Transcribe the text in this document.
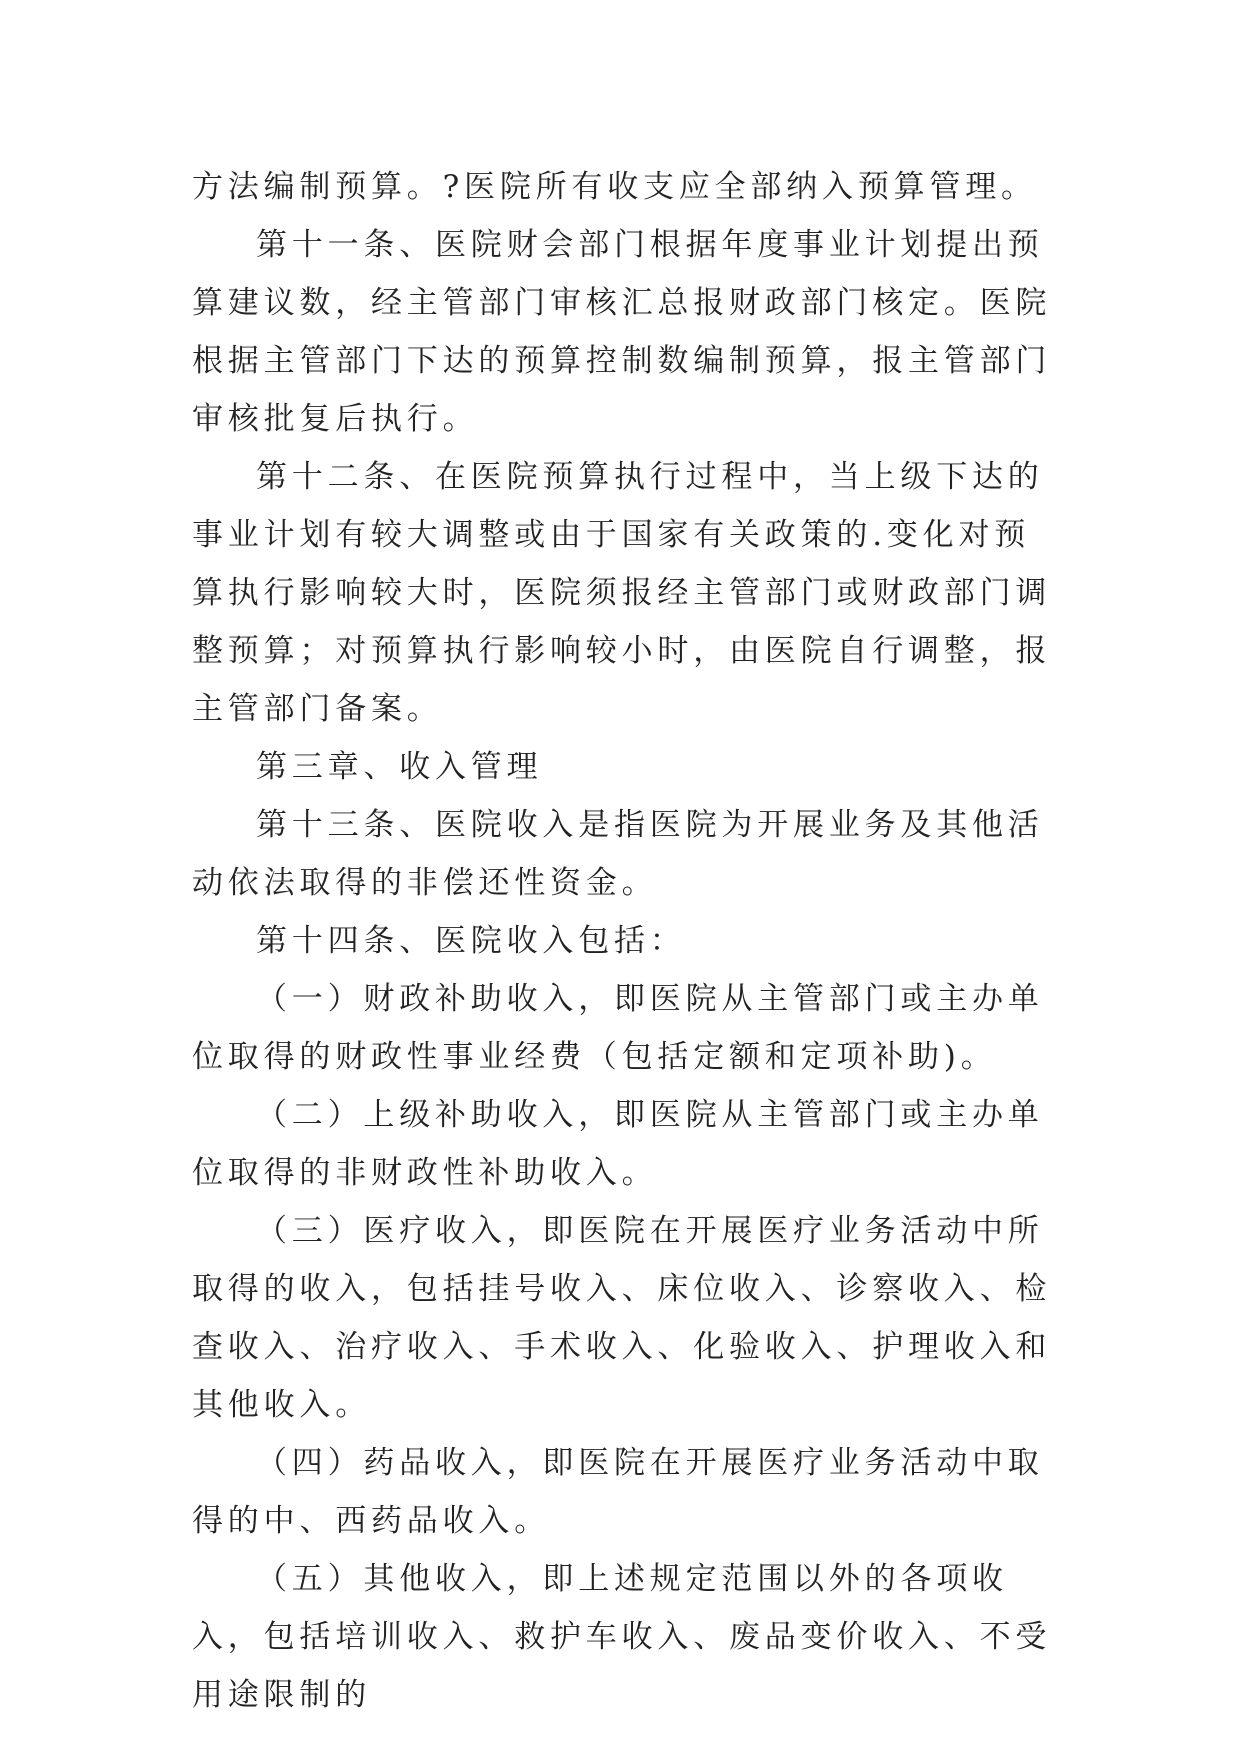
方法编制预算。?医院所有收支应全部纳入预算管理。

第十一条、医院财会部门根据年度事业计划提出预算建议数，经主管部门审核汇总报财政部门核定。医院根据主管部门下达的预算控制数编制预算，报主管部门审核批复后执行。

第十二条、在医院预算执行过程中，当上级下达的事业计划有较大调整或由于国家有关政策的.变化对预算执行影响较大时，医院须报经主管部门或财政部门调整预算；对预算执行影响较小时，由医院自行调整，报主管部门备案。

第三章、收入管理

第十三条、医院收入是指医院为开展业务及其他活动依法取得的非偿还性资金。

第十四条、医院收入包括：

（一）财政补助收入，即医院从主管部门或主办单位取得的财政性事业经费（包括定额和定项补助)。

（二）上级补助收入，即医院从主管部门或主办单位取得的非财政性补助收入。

（三）医疗收入，即医院在开展医疗业务活动中所取得的收入，包括挂号收入、床位收入、诊察收入、检查收入、治疗收入、手术收入、化验收入、护理收入和其他收入。

（四）药品收入，即医院在开展医疗业务活动中取得的中、西药品收入。

（五）其他收入，即上述规定范围以外的各项收入，包括培训收入、救护车收入、废品变价收入、不受用途限制的
